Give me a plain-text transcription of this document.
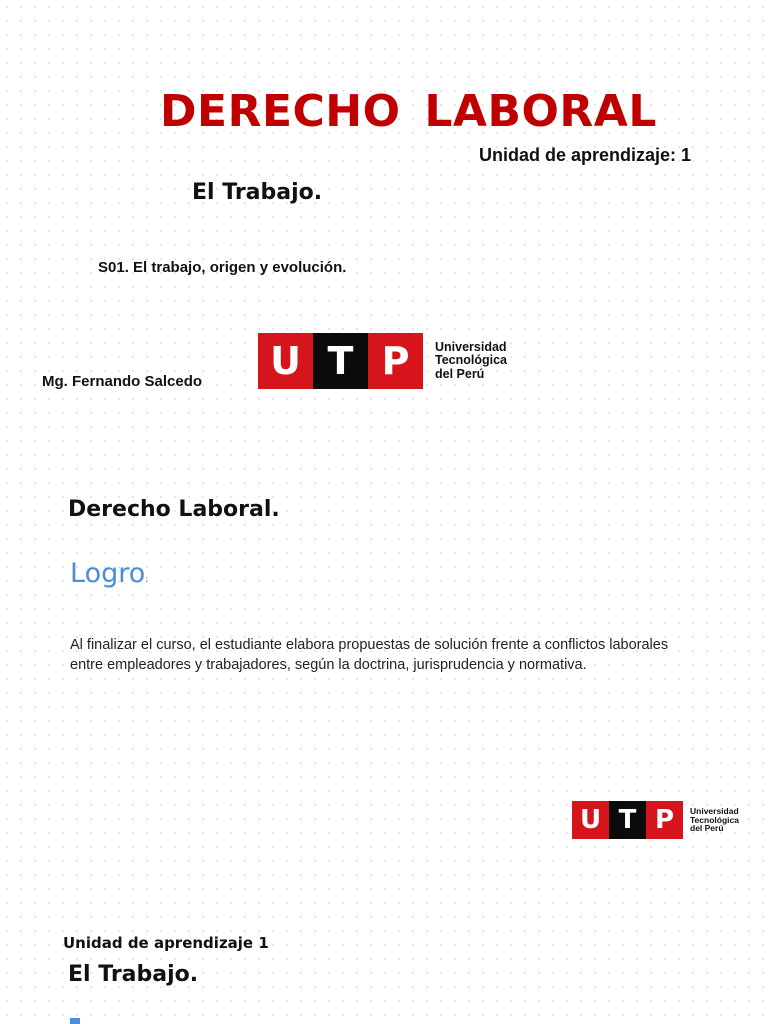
DERECHO LABORAL
Unidad de aprendizaje: 1
El Trabajo.
S01. El trabajo, origen y evolución.
Mg. Fernando Salcedo	U T P	Universidad
Tecnológica
del Perú
Derecho Laboral.
Logro:

Al finalizar el curso, el estudiante elabora propuestas de solución frente a conflictos laborales entre empleadores y trabajadores, según la doctrina, jurisprudencia y normativa.

U T P	Universidad
Tecnológica
del Perú
Unidad de aprendizaje 1
El Trabajo.
